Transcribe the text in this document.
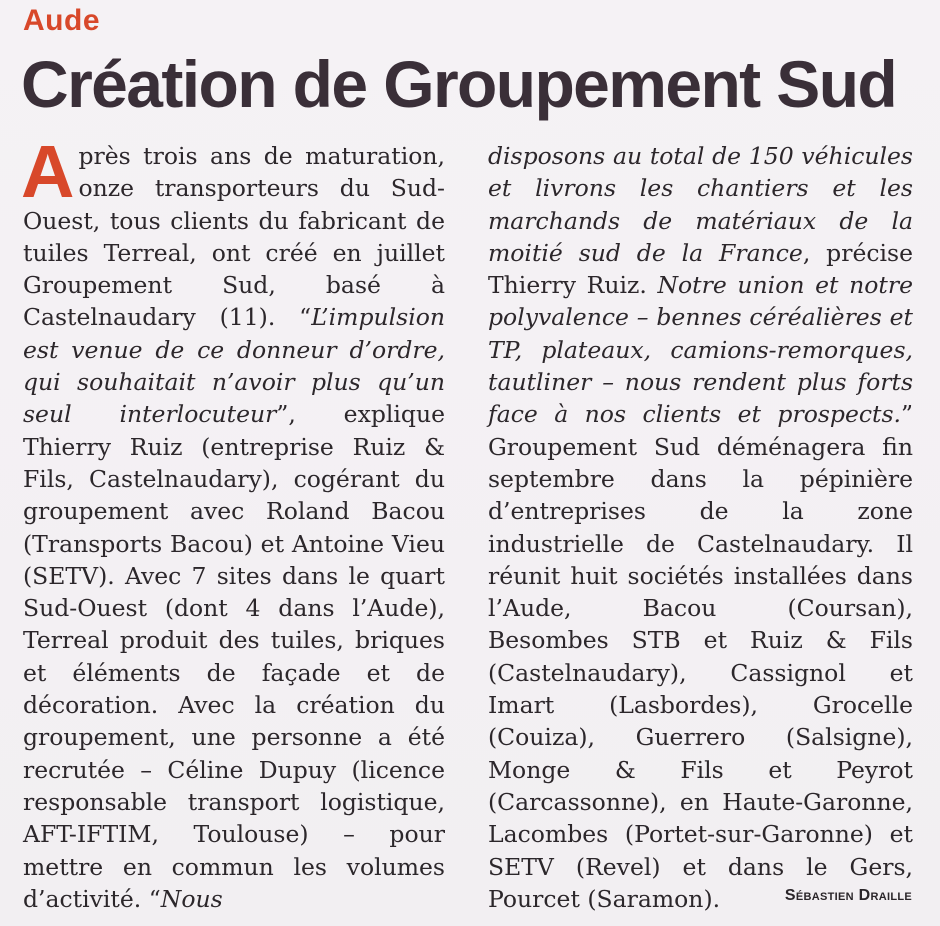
Aude
Création de Groupement Sud

Après trois ans de maturation, onze transporteurs du Sud-Ouest, tous clients du fabricant de tuiles Terreal, ont créé en juillet Groupement Sud, basé à Castelnaudary (11). “L’impulsion est venue de ce donneur d’ordre, qui souhaitait n’avoir plus qu’un seul interlocuteur”, explique Thierry Ruiz (entreprise Ruiz & Fils, Castelnaudary), cogérant du groupement avec Roland Bacou (Transports Bacou) et Antoine Vieu (SETV). Avec 7 sites dans le quart Sud-Ouest (dont 4 dans l’Aude), Terreal produit des tuiles, briques et éléments de façade et de décoration. Avec la création du groupement, une personne a été recrutée – Céline Dupuy (licence responsable transport logistique, AFT-IFTIM, Toulouse) – pour mettre en commun les volumes d’activité. “Nous

disposons au total de 150 véhicules et livrons les chantiers et les marchands de matériaux de la moitié sud de la France, précise Thierry Ruiz. Notre union et notre polyvalence – bennes céréalières et TP, plateaux, camions-remorques, tautliner – nous rendent plus forts face à nos clients et prospects.” Groupement Sud déménagera fin septembre dans la pépinière d’entreprises de la zone industrielle de Castelnaudary. Il réunit huit sociétés installées dans l’Aude, Bacou (Coursan), Besombes STB et Ruiz & Fils (Castelnaudary), Cassignol et Imart (Lasbordes), Grocelle (Couiza), Guerrero (Salsigne), Monge & Fils et Peyrot (Carcassonne), en Haute-Garonne, Lacombes (Portet-sur-Garonne) et SETV (Revel) et dans le Gers, Pourcet (Saramon).	Sébastien Draille
